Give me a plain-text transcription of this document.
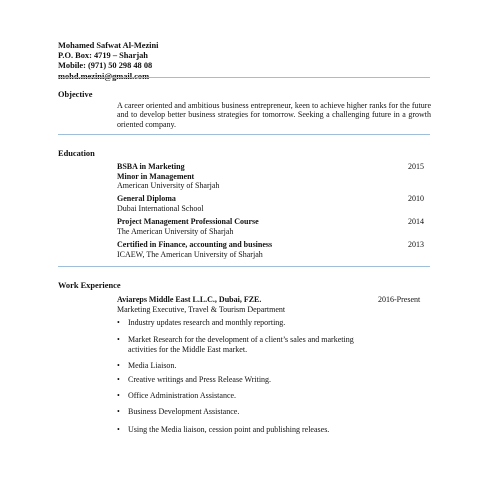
Mohamed Safwat Al-Mezini
P.O. Box: 4719 – Sharjah
Mobile: (971) 50 298 48 08
mohd.mezini@gmail.com
Objective
A career oriented and ambitious business entrepreneur, keen to achieve higher ranks for the future and to develop better business strategies for tomorrow. Seeking a challenging future in a growth oriented company.
Education
BSBA in Marketing
Minor in Management
American University of Sharjah
2015
General Diploma
Dubai International School
2010
Project Management Professional Course
The American University of Sharjah
2014
Certified in Finance, accounting and business
ICAEW, The American University of Sharjah
2013
Work Experience
Aviareps Middle East L.L.C., Dubai, FZE.
Marketing Executive, Travel & Tourism Department
2016-Present
• Industry updates research and monthly reporting.
• Market Research for the development of a client’s sales and marketing activities for the Middle East market.
• Media Liaison.
• Creative writings and Press Release Writing.
• Office Administration Assistance.
• Business Development Assistance.
• Using the Media liaison, cession point and publishing releases.
